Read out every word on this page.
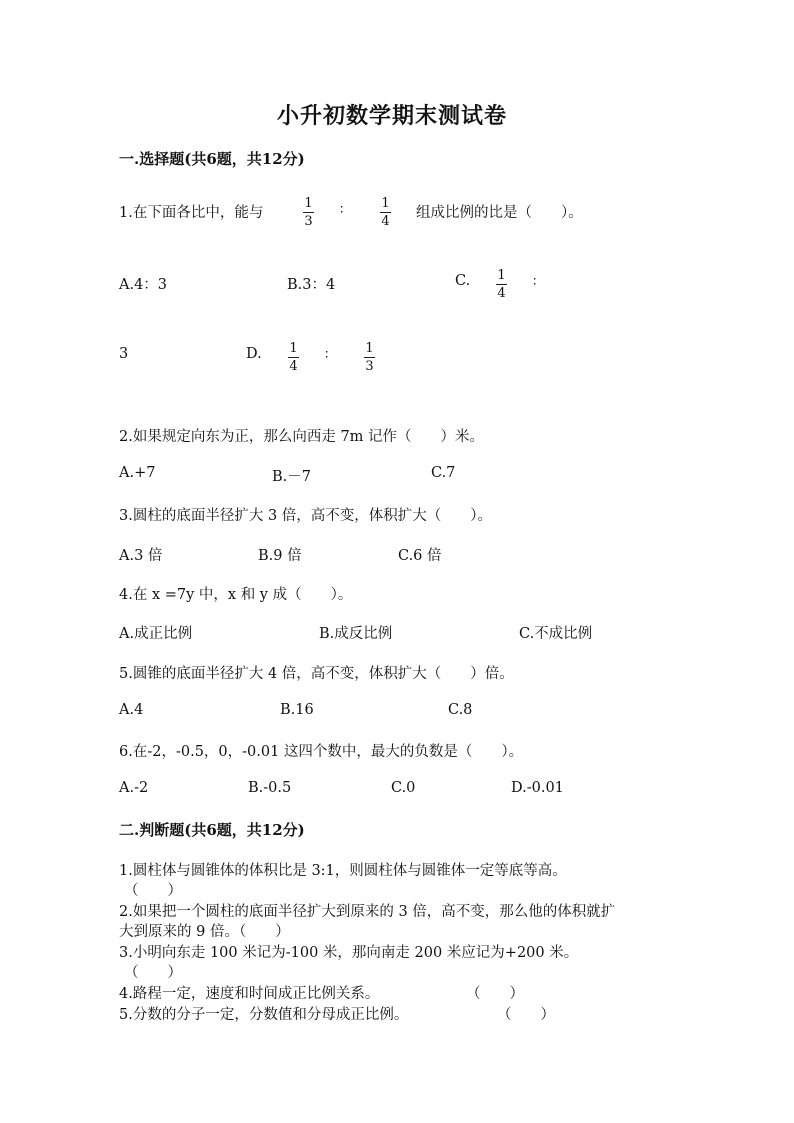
小升初数学期末测试卷
一.选择题(共6题，共12分)
1.在下面各比中，能与
1
3
∶	1
4
组成比例的比是（　　）。
A.4：3	B.3：4	C. 1
4
∶
3	D. 1
4
∶	1
3
2.如果规定向东为正，那么向西走 7m 记作（　　）米。
A.+7	B.－7	C.7
3.圆柱的底面半径扩大 3 倍，高不变，体积扩大（　　）。
A.3 倍	B.9 倍	C.6 倍
4.在 x =7y 中，x 和 y 成（　　）。
A.成正比例	B.成反比例	C.不成比例
5.圆锥的底面半径扩大 4 倍，高不变，体积扩大（　　）倍。
A.4	B.16	C.8
6.在-2，-0.5，0，-0.01 这四个数中，最大的负数是（　　）。
A.-2	B.-0.5	C.0	D.-0.01
二.判断题(共6题，共12分)
1.圆柱体与圆锥体的体积比是 3:1，则圆柱体与圆锥体一定等底等高。
（　　）
2.如果把一个圆柱的底面半径扩大到原来的 3 倍，高不变，那么他的体积就扩
大到原来的 9 倍。（　　）
3.小明向东走 100 米记为-100 米，那向南走 200 米应记为+200 米。
（　　）
4.路程一定，速度和时间成正比例关系。	（　　）
5.分数的分子一定，分数值和分母成正比例。	（　　）
